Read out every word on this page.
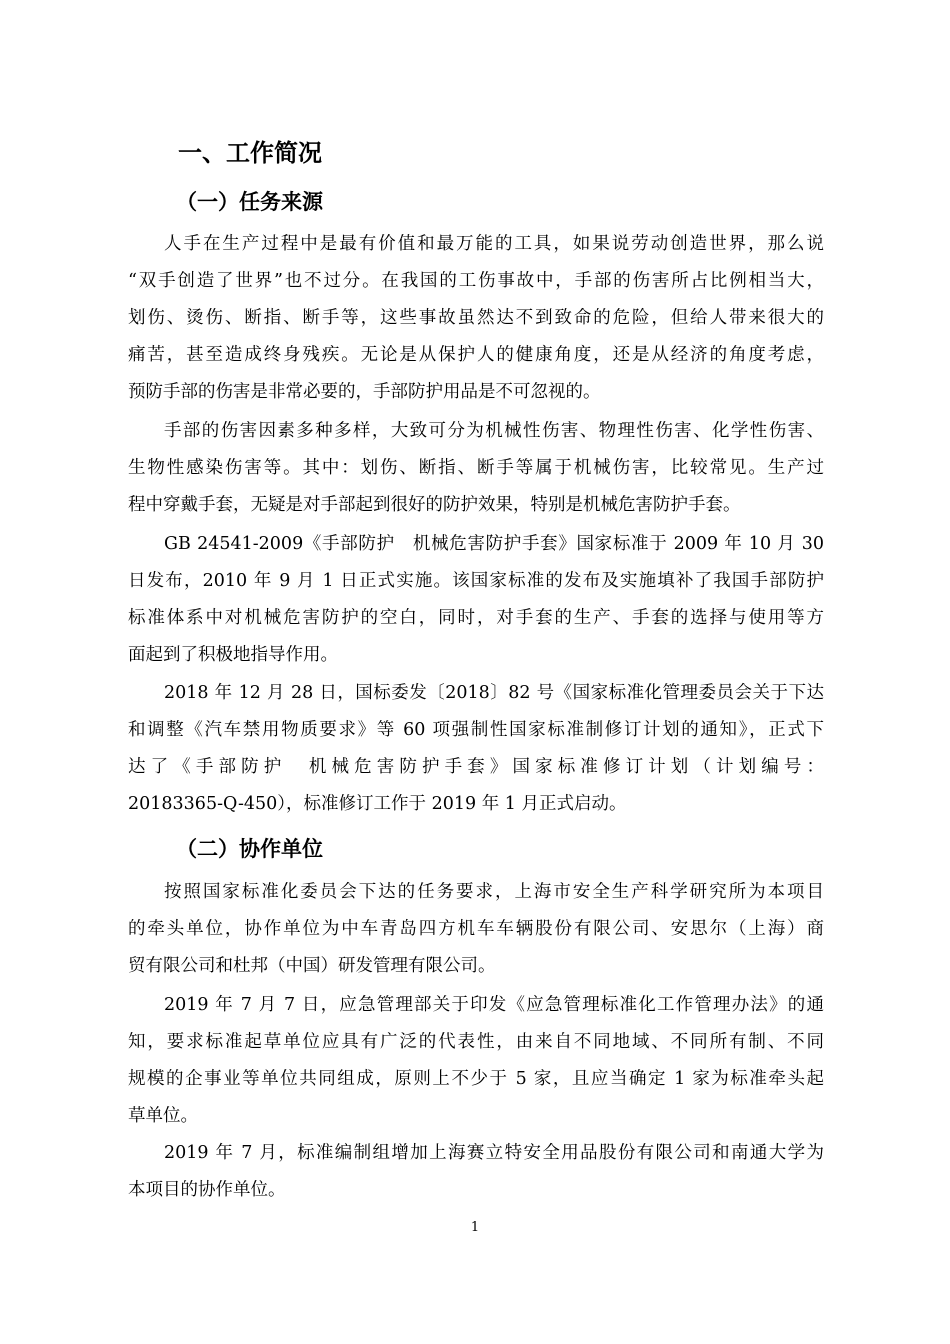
一、工作简况
（一）任务来源
人手在生产过程中是最有价值和最万能的工具，如果说劳动创造世界，那么说
“双手创造了世界”也不过分。在我国的工伤事故中，手部的伤害所占比例相当大，
划伤、烫伤、断指、断手等，这些事故虽然达不到致命的危险，但给人带来很大的
痛苦，甚至造成终身残疾。无论是从保护人的健康角度，还是从经济的角度考虑，
预防手部的伤害是非常必要的，手部防护用品是不可忽视的。
手部的伤害因素多种多样，大致可分为机械性伤害、物理性伤害、化学性伤害、
生物性感染伤害等。其中：划伤、断指、断手等属于机械伤害，比较常见。生产过
程中穿戴手套，无疑是对手部起到很好的防护效果，特别是机械危害防护手套。
GB 24541-2009《手部防护　机械危害防护手套》国家标准于 2009 年 10 月 30
日发布，2010 年 9 月 1 日正式实施。该国家标准的发布及实施填补了我国手部防护
标准体系中对机械危害防护的空白，同时，对手套的生产、手套的选择与使用等方
面起到了积极地指导作用。
2018 年 12 月 28 日，国标委发〔2018〕82 号《国家标准化管理委员会关于下达
和调整《汽车禁用物质要求》等 60 项强制性国家标准制修订计划的通知》，正式下
达了《手部防护　机械危害防护手套》国家标准修订计划（计划编号：
20183365-Q-450），标准修订工作于 2019 年 1 月正式启动。
（二）协作单位
按照国家标准化委员会下达的任务要求，上海市安全生产科学研究所为本项目
的牵头单位，协作单位为中车青岛四方机车车辆股份有限公司、安思尔（上海）商
贸有限公司和杜邦（中国）研发管理有限公司。
2019 年 7 月 7 日，应急管理部关于印发《应急管理标准化工作管理办法》的通
知，要求标准起草单位应具有广泛的代表性，由来自不同地域、不同所有制、不同
规模的企事业等单位共同组成，原则上不少于 5 家，且应当确定 1 家为标准牵头起
草单位。
2019 年 7 月，标准编制组增加上海赛立特安全用品股份有限公司和南通大学为
本项目的协作单位。
1
